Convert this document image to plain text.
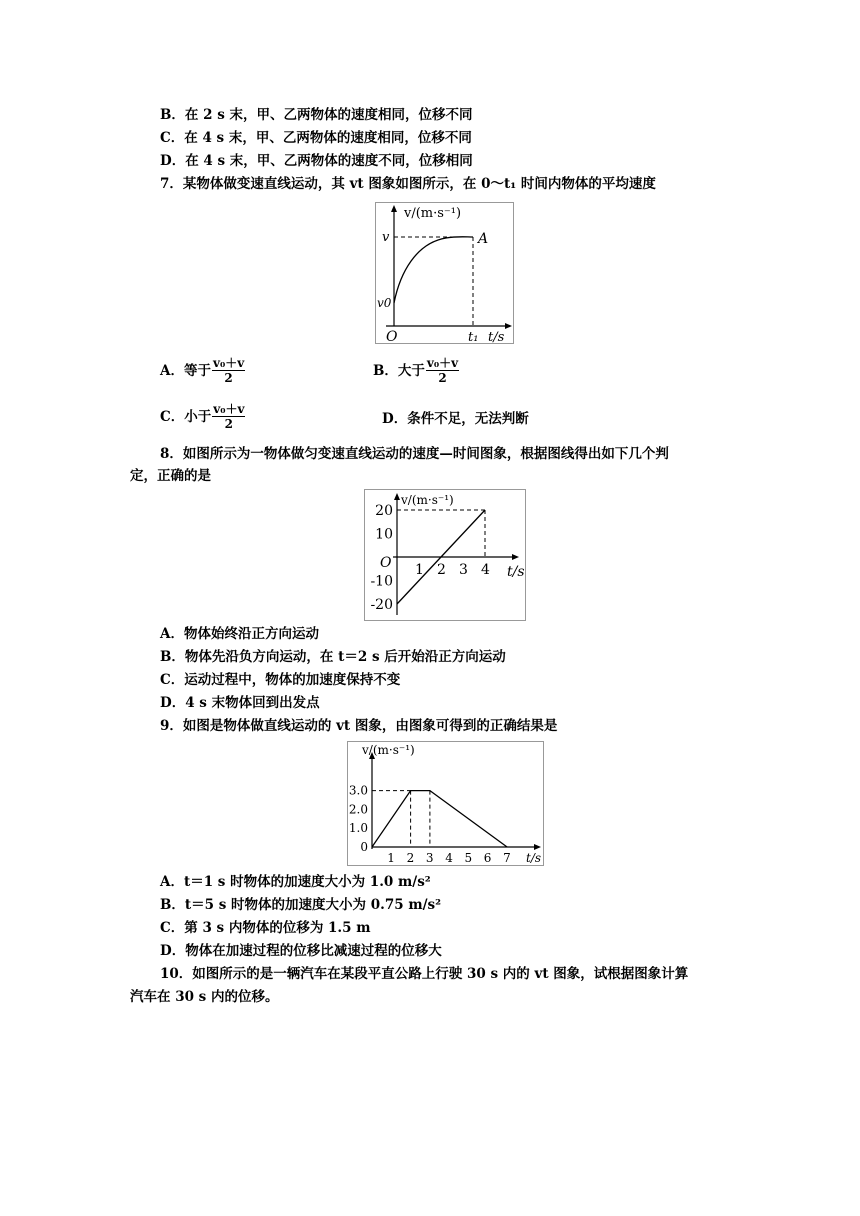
B．在 2 s 末，甲、乙两物体的速度相同，位移不同
C．在 4 s 末，甲、乙两物体的速度相同，位移不同
D．在 4 s 末，甲、乙两物体的速度不同，位移相同
7．某物体做变速直线运动，其 vt 图象如图所示，在 0～t₁ 时间内物体的平均速度
v/(m·s⁻¹)
v
v0
A
O	t₁ t/s
A．等于 $\frac{\text{v₀＋v}}{2}$	B．大于 $\frac{\text{v₀＋v}}{2}$
C．小于 $\frac{\text{v₀＋v}}{2}$	D．条件不足，无法判断
8．如图所示为一物体做匀变速直线运动的速度—时间图象，根据图线得出如下几个判
定，正确的是
1 2 3 4
20
10
-10
-20
v/(m·s⁻¹)
O
t/s
A．物体始终沿正方向运动
B．物体先沿负方向运动，在 t＝2 s 后开始沿正方向运动
C．运动过程中，物体的加速度保持不变
D．4 s 末物体回到出发点
9．如图是物体做直线运动的 vt 图象，由图象可得到的正确结果是
1 2 3 4 5 6 7
3.0
2.0
1.0
0
v/(m·s⁻¹)
t/s
A．t＝1 s 时物体的加速度大小为 1.0 m/s²
B．t＝5 s 时物体的加速度大小为 0.75 m/s²
C．第 3 s 内物体的位移为 1.5 m
D．物体在加速过程的位移比减速过程的位移大
10．如图所示的是一辆汽车在某段平直公路上行驶 30 s 内的 vt 图象，试根据图象计算
汽车在 30 s 内的位移。
